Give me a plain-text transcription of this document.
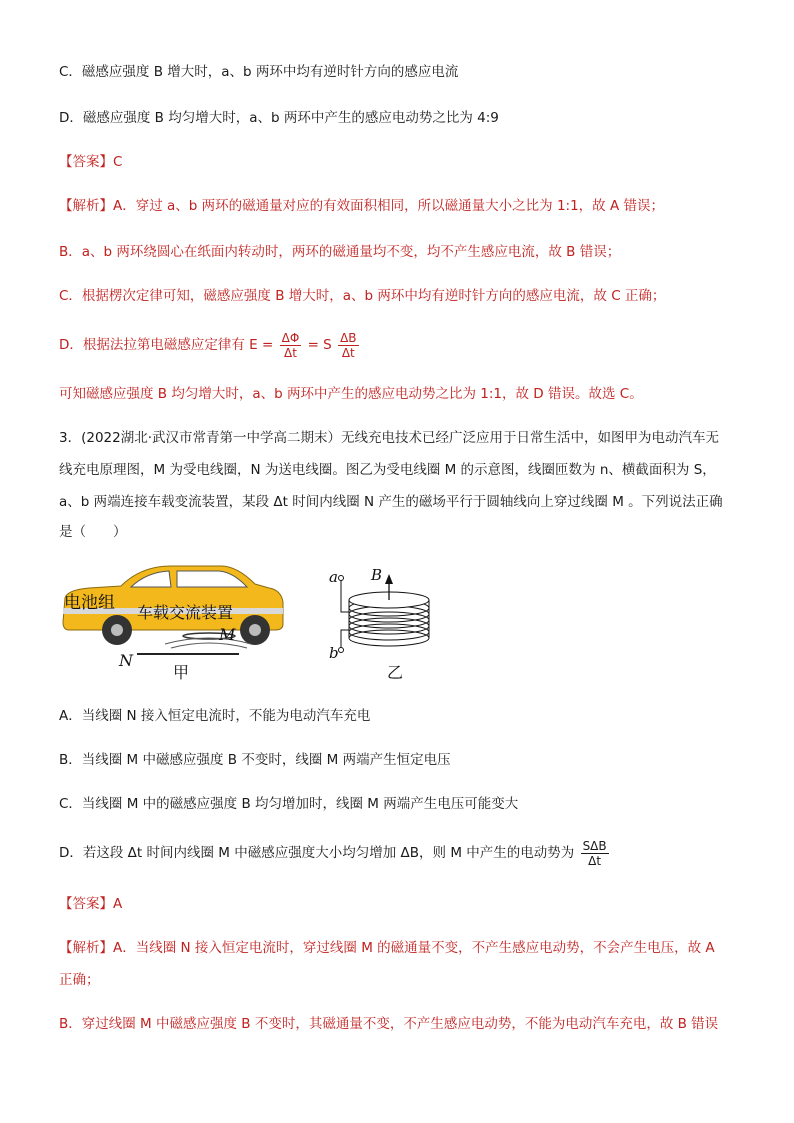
C．磁感应强度 B 增大时，a、b 两环中均有逆时针方向的感应电流
D．磁感应强度 B 均匀增大时，a、b 两环中产生的感应电动势之比为 4:9
【答案】C
【解析】A．穿过 a、b 两环的磁通量对应的有效面积相同，所以磁通量大小之比为 1:1，故 A 错误；
B．a、b 两环绕圆心在纸面内转动时，两环的磁通量均不变，均不产生感应电流，故 B 错误；
C．根据楞次定律可知，磁感应强度 B 增大时，a、b 两环中均有逆时针方向的感应电流，故 C 正确；
D．根据法拉第电磁感应定律有 $E = \frac{\Delta\Phi}{\Delta t} = S \frac{\Delta B}{\Delta t}$
可知磁感应强度 B 均匀增大时，a、b 两环中产生的感应电动势之比为 1:1，故 D 错误。故选 C。
3．(2022湖北·武汉市常青第一中学高二期末）无线充电技术已经广泛应用于日常生活中，如图甲为电动汽车无
线充电原理图，M 为受电线圈，N 为送电线圈。图乙为受电线圈 M 的示意图，线圈匝数为 n、横截面积为 S，
a、b 两端连接车载变流装置，某段 Δt 时间内线圈 N 产生的磁场平行于圆轴线向上穿过线圈 M 。下列说法正确
是（　　）
电池组 车载交流装置
M
N
甲
a
b
B
乙
A．当线圈 N 接入恒定电流时，不能为电动汽车充电
B．当线圈 M 中磁感应强度 B 不变时，线圈 M 两端产生恒定电压
C．当线圈 M 中的磁感应强度 B 均匀增加时，线圈 M 两端产生电压可能变大
D．若这段 Δt 时间内线圈 M 中磁感应强度大小均匀增加 ΔB，则 M 中产生的电动势为 $\frac{\text{SΔB}}{\Delta t}$
【答案】A
【解析】A．当线圈 N 接入恒定电流时，穿过线圈 M 的磁通量不变，不产生感应电动势，不会产生电压，故 A
正确；
B．穿过线圈 M 中磁感应强度 B 不变时，其磁通量不变，不产生感应电动势，不能为电动汽车充电，故 B 错误
